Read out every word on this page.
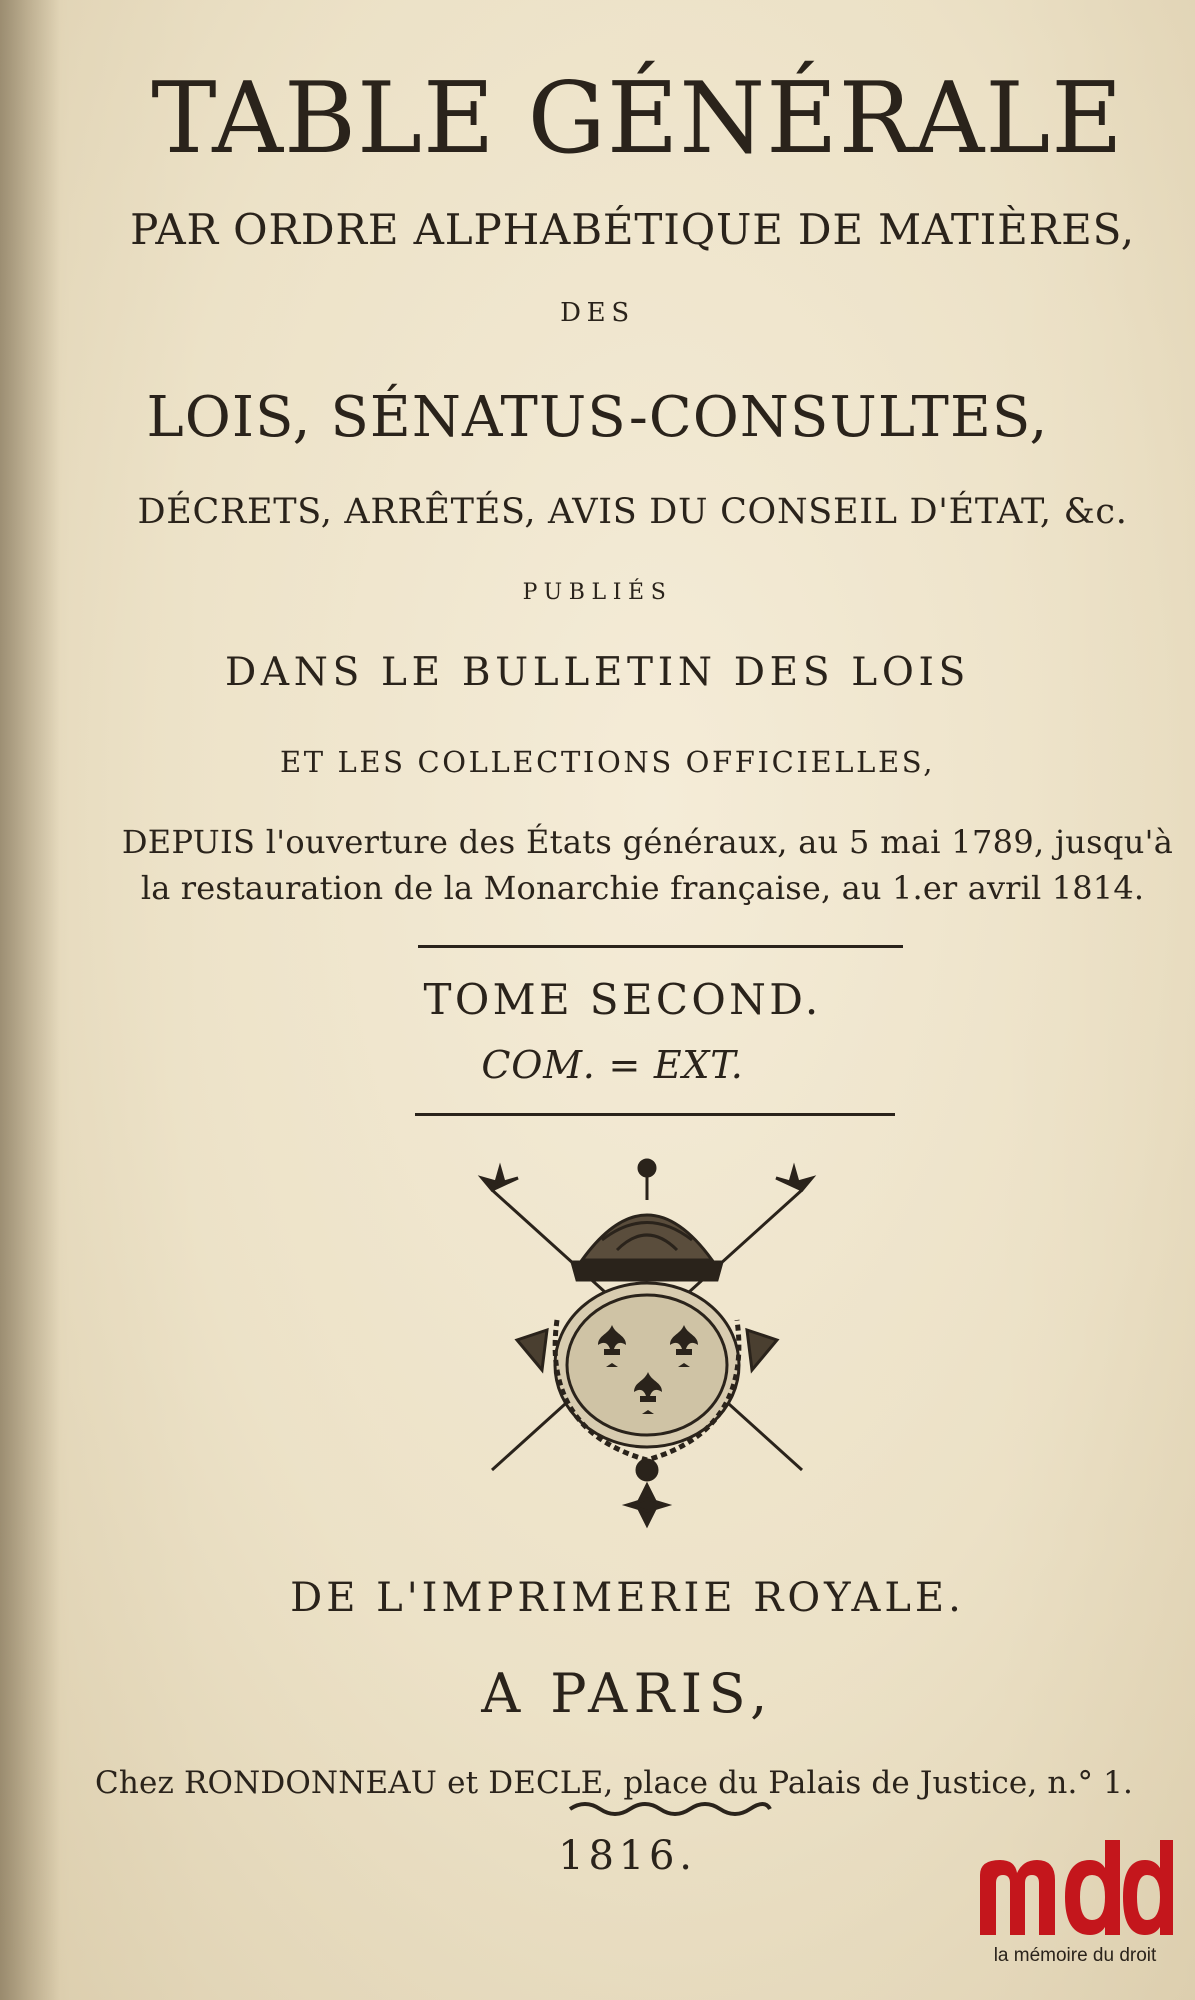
TABLE GÉNÉRALE
PAR ORDRE ALPHABÉTIQUE DE MATIÈRES,
DES
LOIS, SÉNATUS-CONSULTES,
DÉCRETS, ARRÊTÉS, AVIS DU CONSEIL D'ÉTAT, &c.
PUBLIÉS
DANS LE BULLETIN DES LOIS
ET LES COLLECTIONS OFFICIELLES,
DEPUIS l'ouverture des États généraux, au 5 mai 1789, jusqu'à
la restauration de la Monarchie française, au 1.er avril 1814.
TOME SECOND.
COM. = EXT.
DE L'IMPRIMERIE ROYALE.
A PARIS,
Chez RONDONNEAU et DECLE, place du Palais de Justice, n.° 1.
1816.
la mémoire du droit
